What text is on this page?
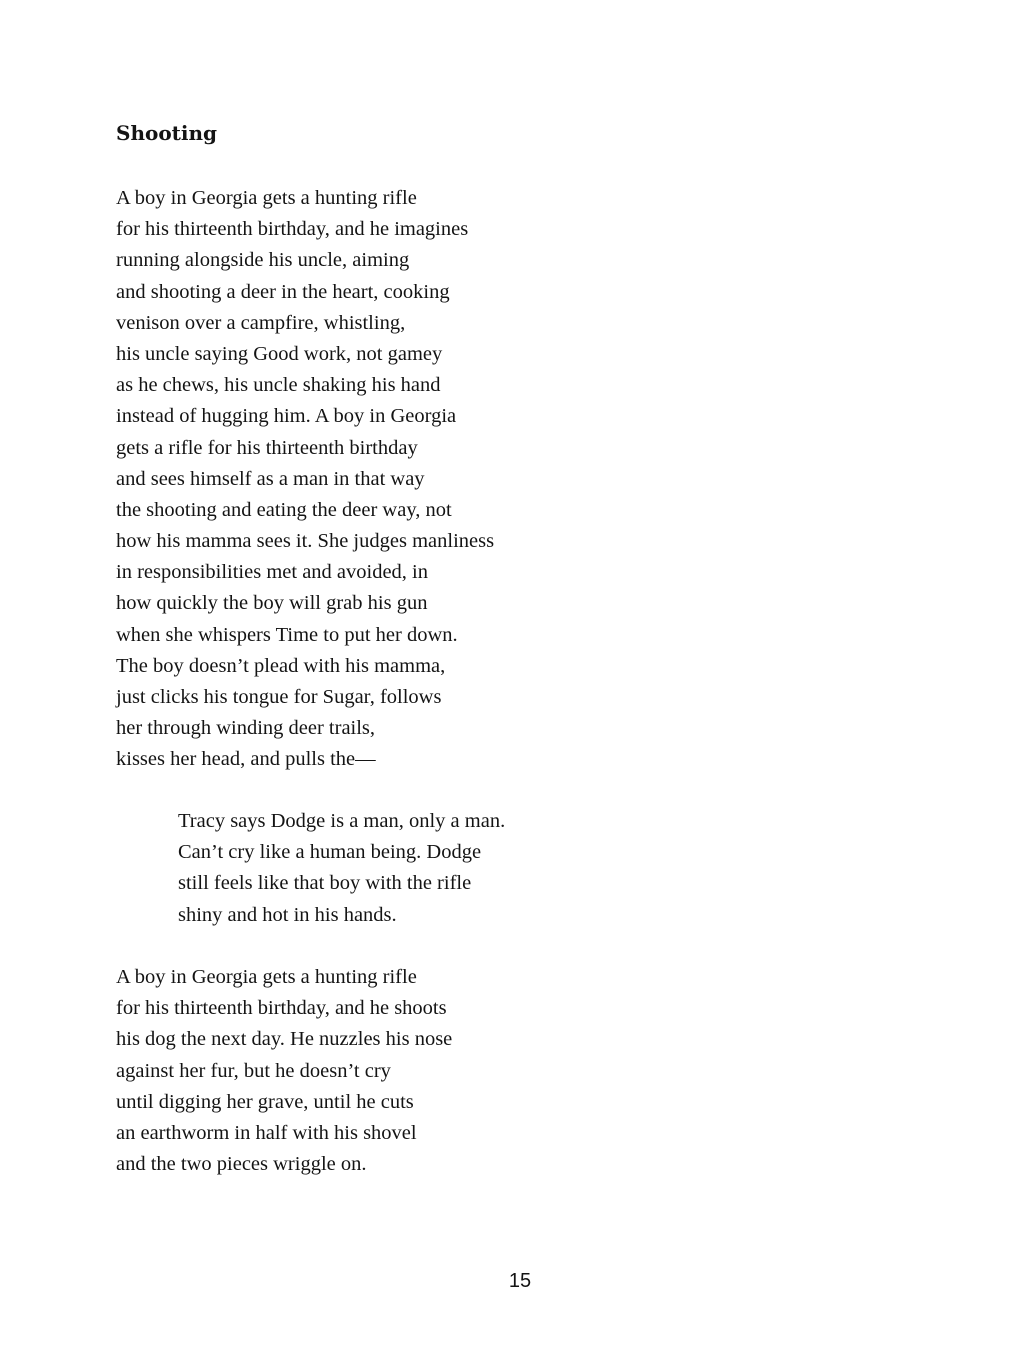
Shooting
A boy in Georgia gets a hunting rifle
for his thirteenth birthday, and he imagines
running alongside his uncle, aiming
and shooting a deer in the heart, cooking
venison over a campfire, whistling,
his uncle saying Good work, not gamey
as he chews, his uncle shaking his hand
instead of hugging him. A boy in Georgia
gets a rifle for his thirteenth birthday
and sees himself as a man in that way
the shooting and eating the deer way, not
how his mamma sees it. She judges manliness
in responsibilities met and avoided, in
how quickly the boy will grab his gun
when she whispers Time to put her down.
The boy doesn’t plead with his mamma,
just clicks his tongue for Sugar, follows
her through winding deer trails,
kisses her head, and pulls the—
Tracy says Dodge is a man, only a man.
Can’t cry like a human being. Dodge
still feels like that boy with the rifle
shiny and hot in his hands.
A boy in Georgia gets a hunting rifle
for his thirteenth birthday, and he shoots
his dog the next day. He nuzzles his nose
against her fur, but he doesn’t cry
until digging her grave, until he cuts
an earthworm in half with his shovel
and the two pieces wriggle on.

15
